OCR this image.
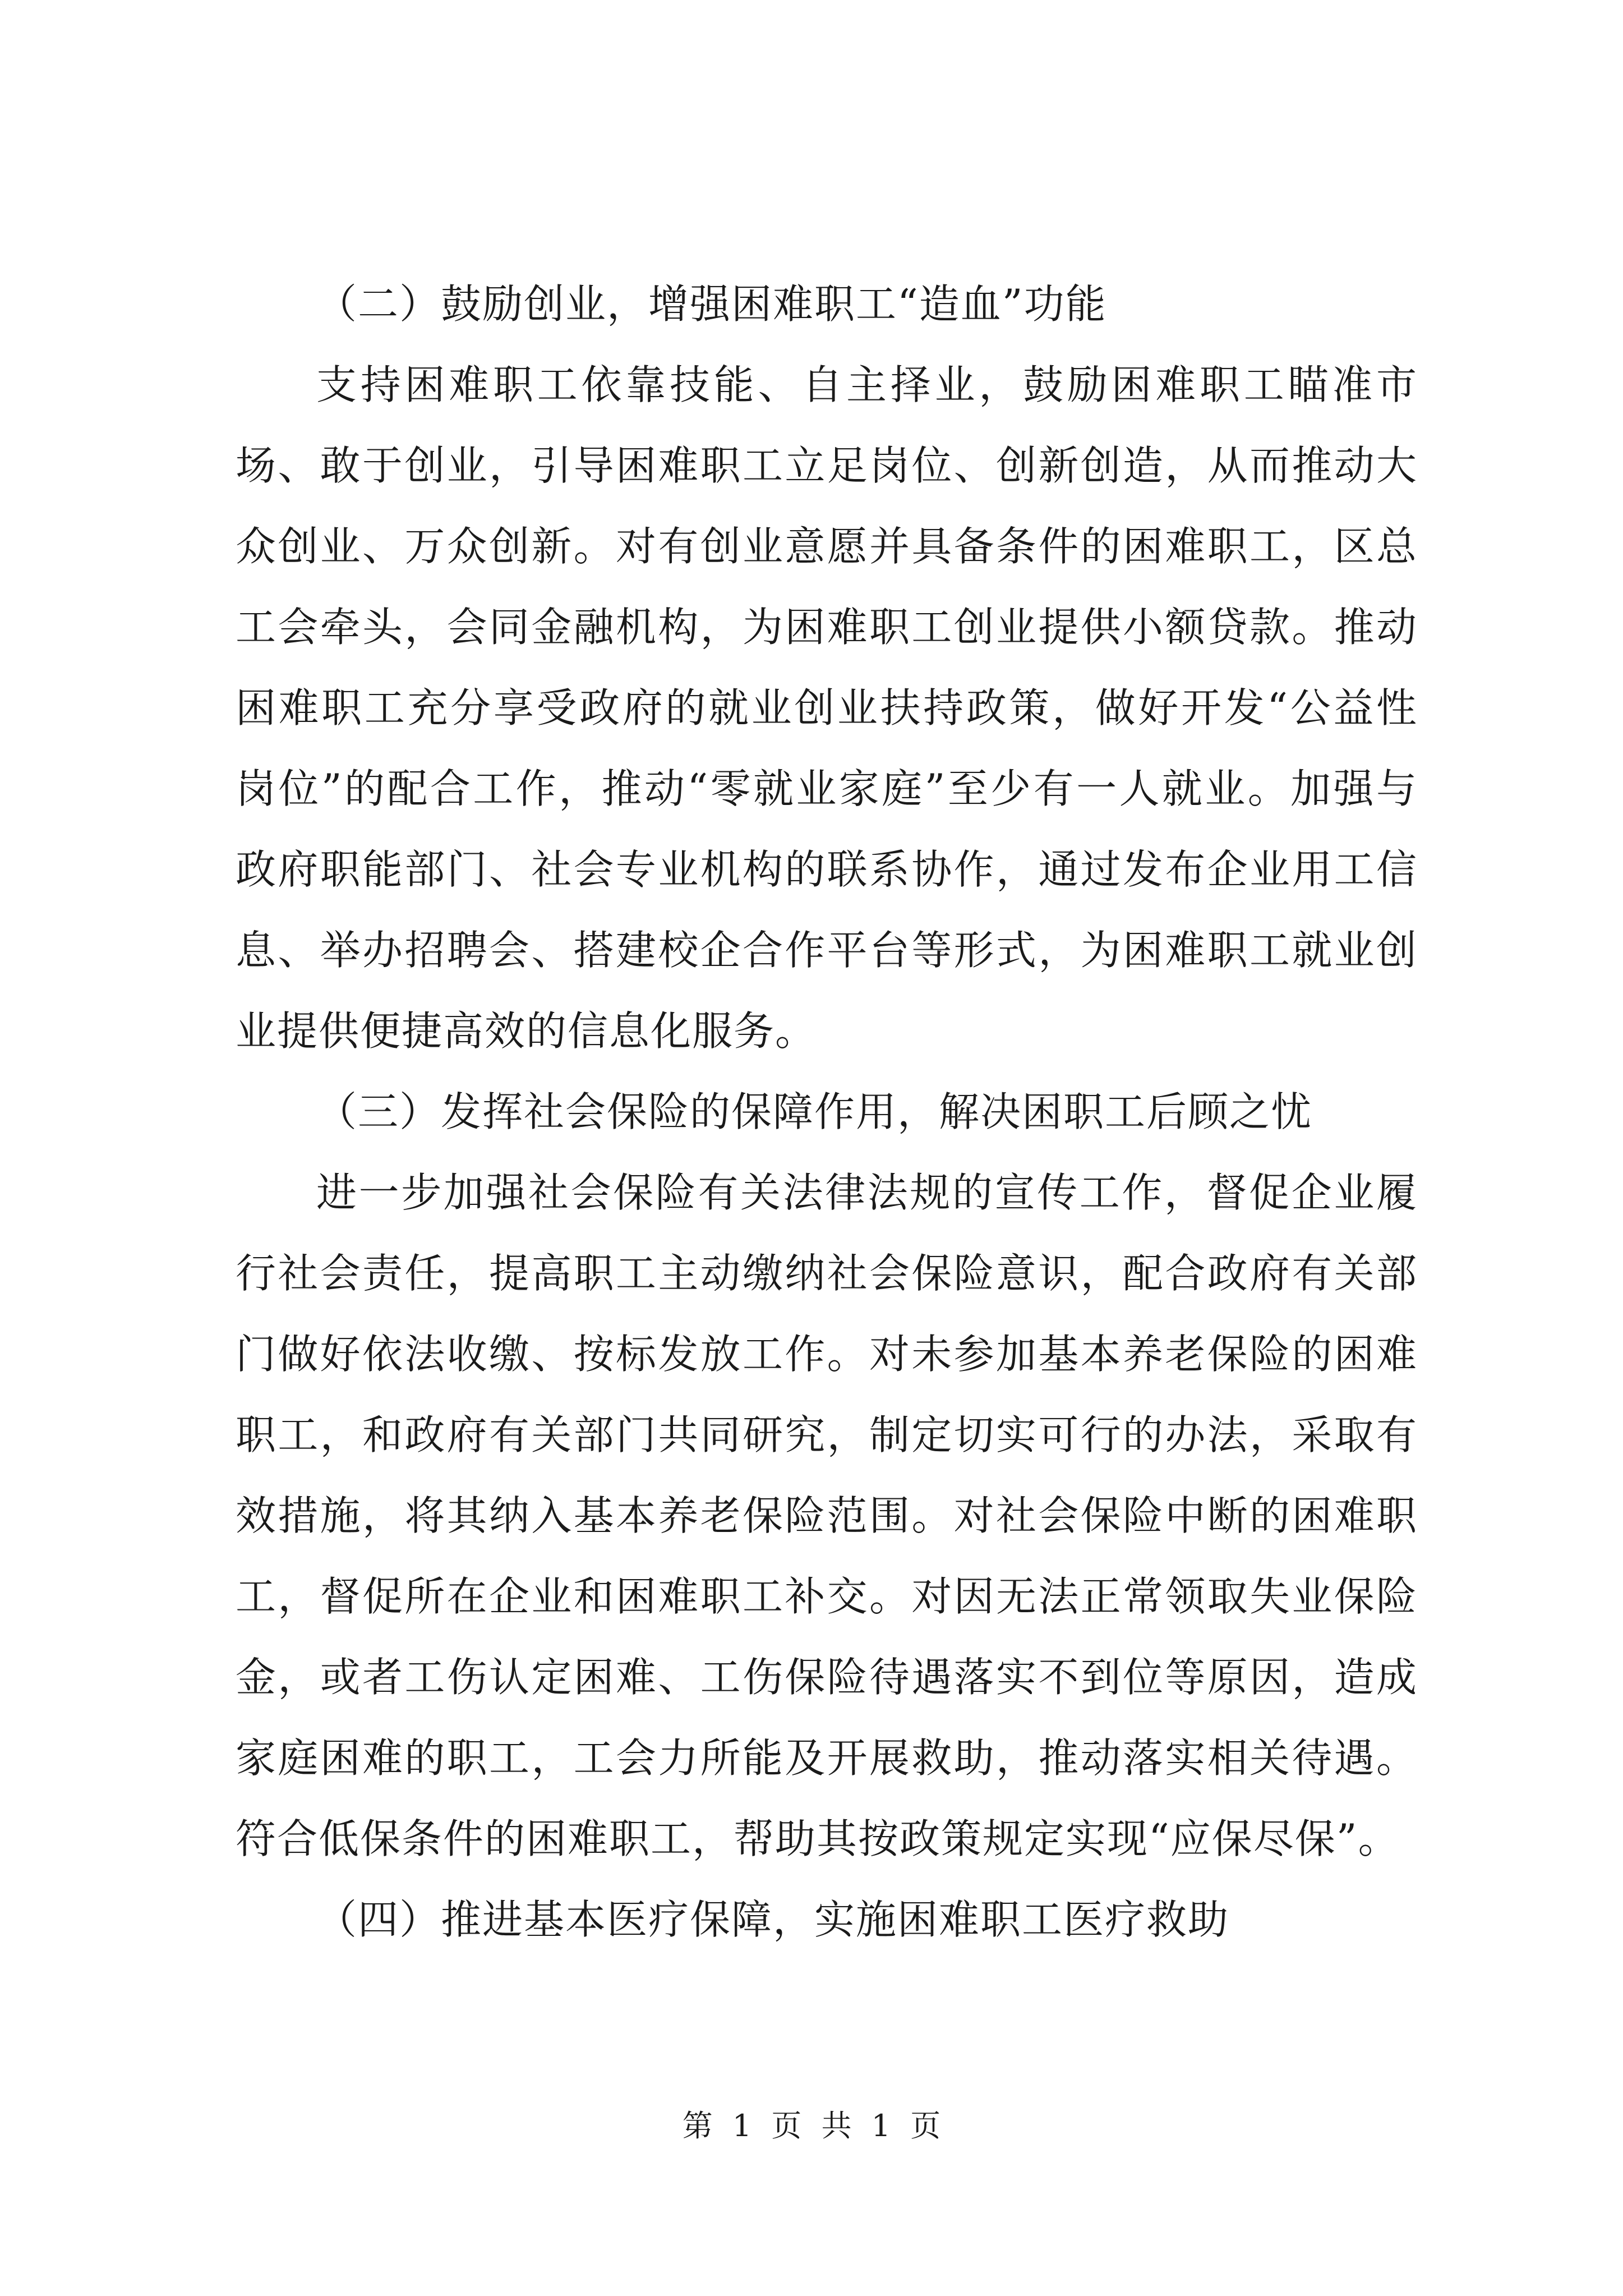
（二）鼓励创业，增强困难职工“造血”功能

支持困难职工依靠技能、自主择业，鼓励困难职工瞄准市场、敢于创业，引导困难职工立足岗位、创新创造，从而推动大众创业、万众创新。对有创业意愿并具备条件的困难职工，区总工会牵头，会同金融机构，为困难职工创业提供小额贷款。推动困难职工充分享受政府的就业创业扶持政策，做好开发“公益性岗位”的配合工作，推动“零就业家庭”至少有一人就业。加强与政府职能部门、社会专业机构的联系协作，通过发布企业用工信息、举办招聘会、搭建校企合作平台等形式，为困难职工就业创业提供便捷高效的信息化服务。

（三）发挥社会保险的保障作用，解决困职工后顾之忧

进一步加强社会保险有关法律法规的宣传工作，督促企业履行社会责任，提高职工主动缴纳社会保险意识，配合政府有关部门做好依法收缴、按标发放工作。对未参加基本养老保险的困难职工，和政府有关部门共同研究，制定切实可行的办法，采取有效措施，将其纳入基本养老保险范围。对社会保险中断的困难职工，督促所在企业和困难职工补交。对因无法正常领取失业保险金，或者工伤认定困难、工伤保险待遇落实不到位等原因，造成家庭困难的职工，工会力所能及开展救助，推动落实相关待遇。符合低保条件的困难职工，帮助其按政策规定实现“应保尽保”。

（四）推进基本医疗保障，实施困难职工医疗救助

第 1 页 共 1 页
